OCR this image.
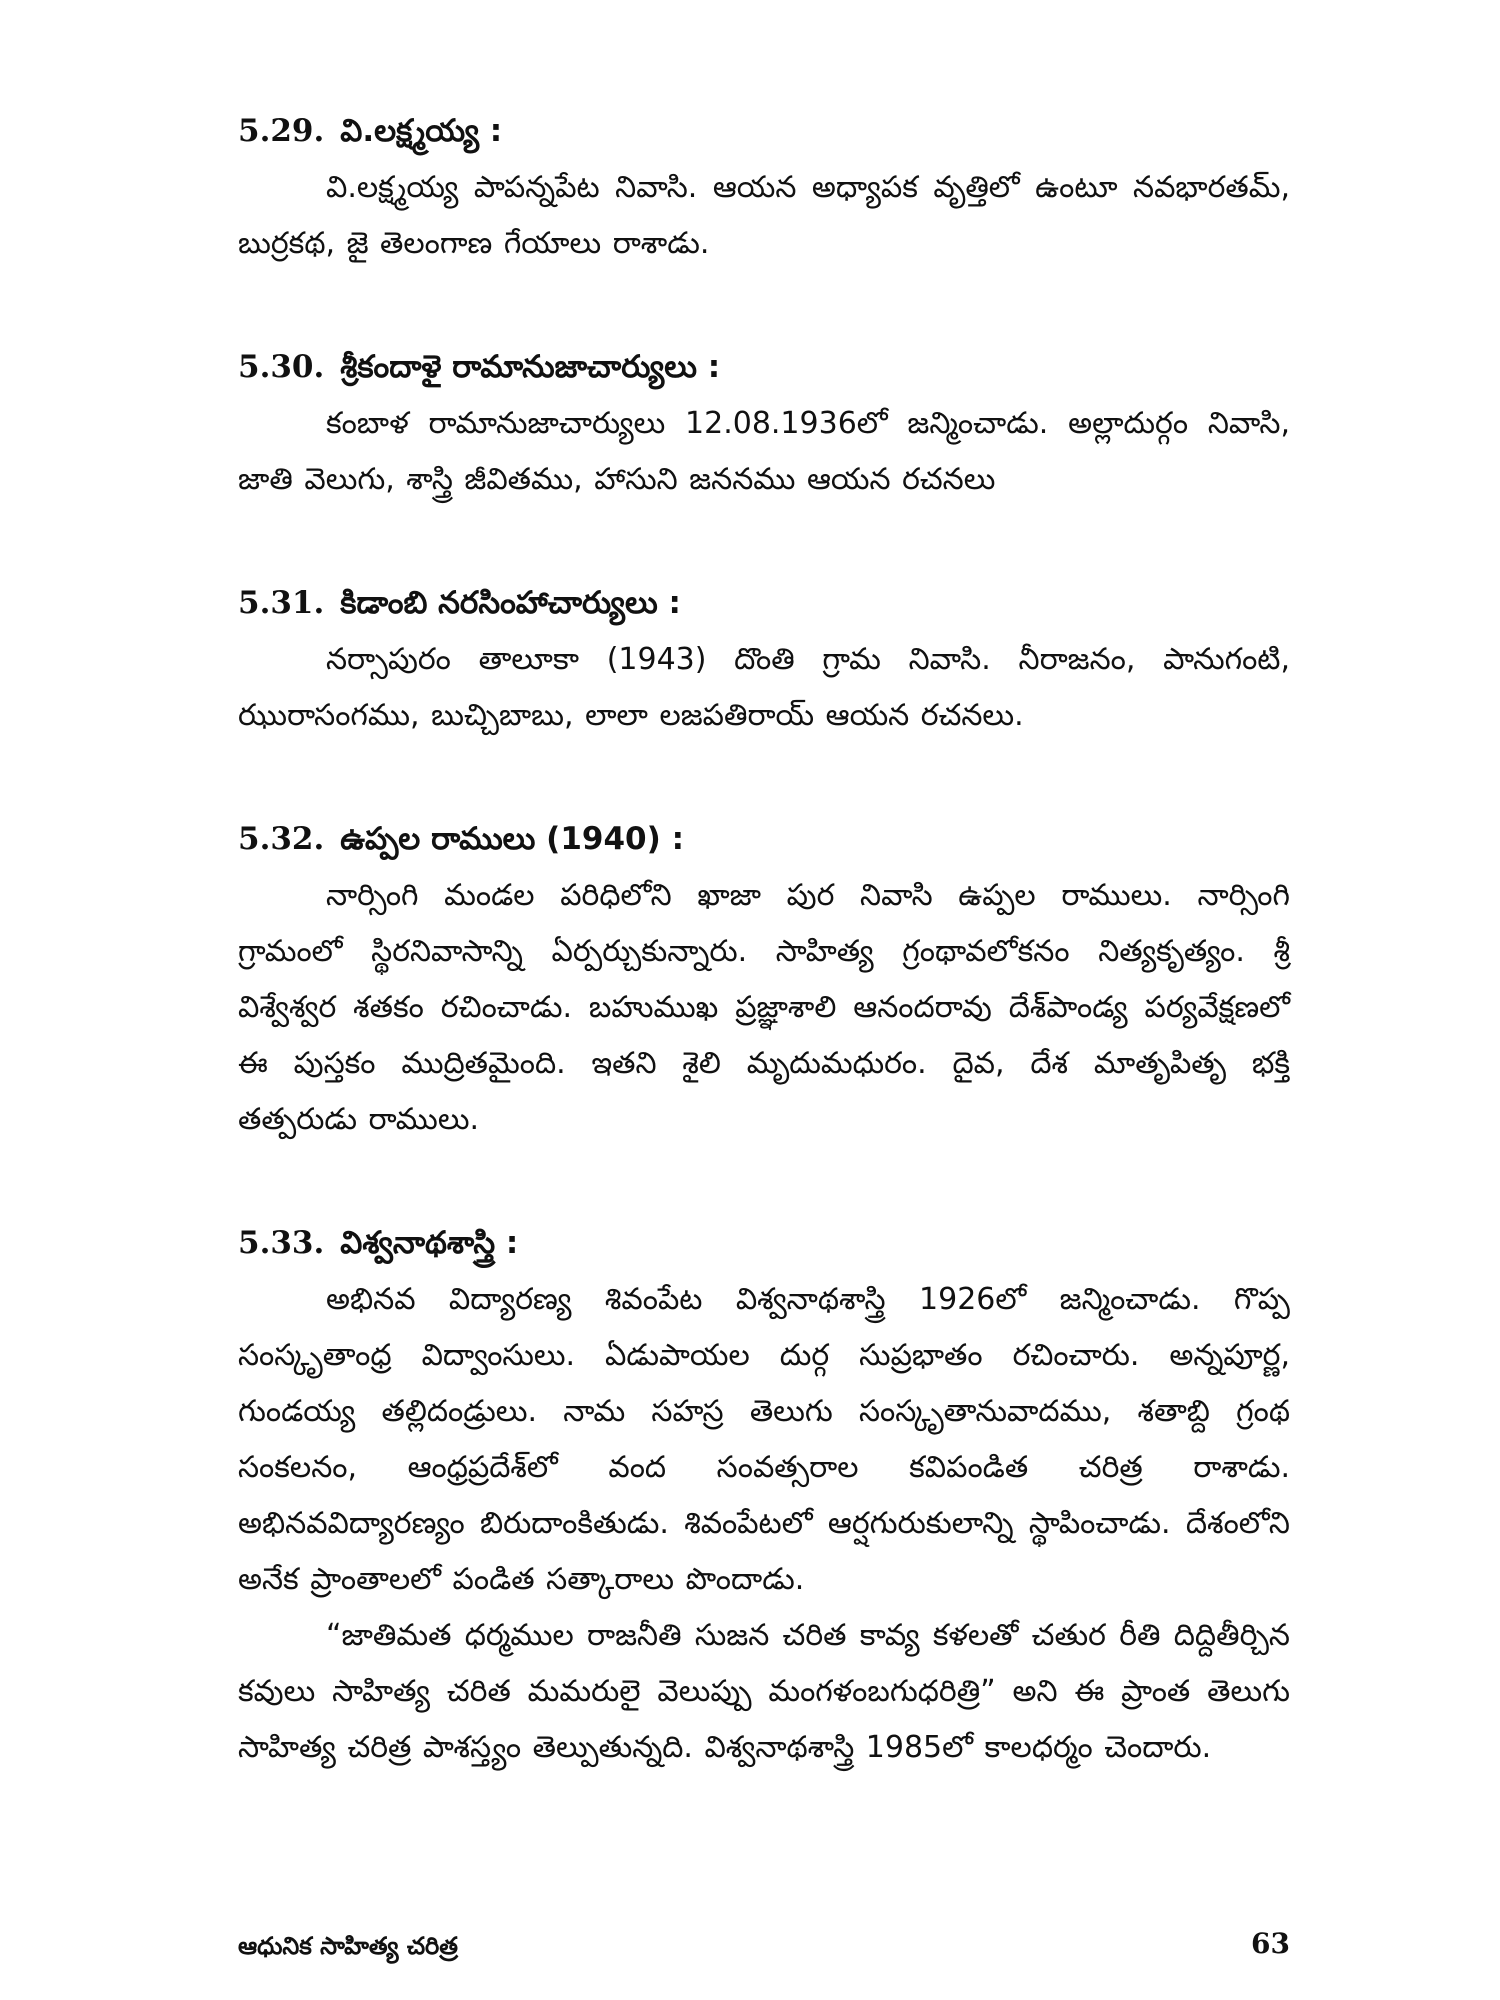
5.29. వి.లక్ష్మయ్య :

వి.లక్ష్మయ్య పాపన్నపేట నివాసి. ఆయన అధ్యాపక వృత్తిలో ఉంటూ నవభారతమ్, బుర్రకథ, జై తెలంగాణ గేయాలు రాశాడు.

5.30. శ్రీకందాళై రామానుజాచార్యులు :

కంబాళ రామానుజాచార్యులు 12.08.1936లో జన్మించాడు. అల్లాదుర్గం నివాసి, జాతి వెలుగు, శాస్త్రి జీవితము, హాసుని జననము ఆయన రచనలు

5.31. కిడాంబి నరసింహాచార్యులు :

నర్సాపురం తాలూకా (1943) దొంతి గ్రామ నివాసి. నీరాజనం, పానుగంటి, ఝురాసంగము, బుచ్చిబాబు, లాలా లజపతిరాయ్ ఆయన రచనలు.

5.32. ఉప్పల రాములు (1940) :

నార్సింగి మండల పరిధిలోని ఖాజా పుర నివాసి ఉప్పల రాములు. నార్సింగి గ్రామంలో స్థిరనివాసాన్ని ఏర్పర్చుకున్నారు. సాహిత్య గ్రంథావలోకనం నిత్యకృత్యం. శ్రీ విశ్వేశ్వర శతకం రచించాడు. బహుముఖ ప్రజ్ఞాశాలి ఆనందరావు దేశ్‌పాండ్య పర్యవేక్షణలో ఈ పుస్తకం ముద్రితమైంది. ఇతని శైలి మృదుమధురం. దైవ, దేశ మాతృపితృ భక్తి తత్పరుడు రాములు.

5.33. విశ్వనాథశాస్త్రి :

అభినవ విద్యారణ్య శివంపేట విశ్వనాథశాస్త్రి 1926లో జన్మించాడు. గొప్ప సంస్కృతాంధ్ర విద్వాంసులు. ఏడుపాయల దుర్గ సుప్రభాతం రచించారు. అన్నపూర్ణ, గుండయ్య తల్లిదండ్రులు. నామ సహస్ర తెలుగు సంస్కృతానువాదము, శతాబ్ది గ్రంథ సంకలనం, ఆంధ్రప్రదేశ్‌లో వంద సంవత్సరాల కవిపండిత చరిత్ర రాశాడు. అభినవవిద్యారణ్యం బిరుదాంకితుడు. శివంపేటలో ఆర్షగురుకులాన్ని స్థాపించాడు. దేశంలోని అనేక ప్రాంతాలలో పండిత సత్కారాలు పొందాడు.

“జాతిమత ధర్మముల రాజనీతి సుజన చరిత కావ్య కళలతో చతుర రీతి దిద్దితీర్చిన కవులు సాహిత్య చరిత మమరులై వెలుప్పు మంగళంబగుధరిత్రి” అని ఈ ప్రాంత తెలుగు సాహిత్య చరిత్ర పాశస్త్యం తెల్పుతున్నది. విశ్వనాథశాస్త్రి 1985లో కాలధర్మం చెందారు.

ఆధునిక సాహిత్య చరిత్ర	63
